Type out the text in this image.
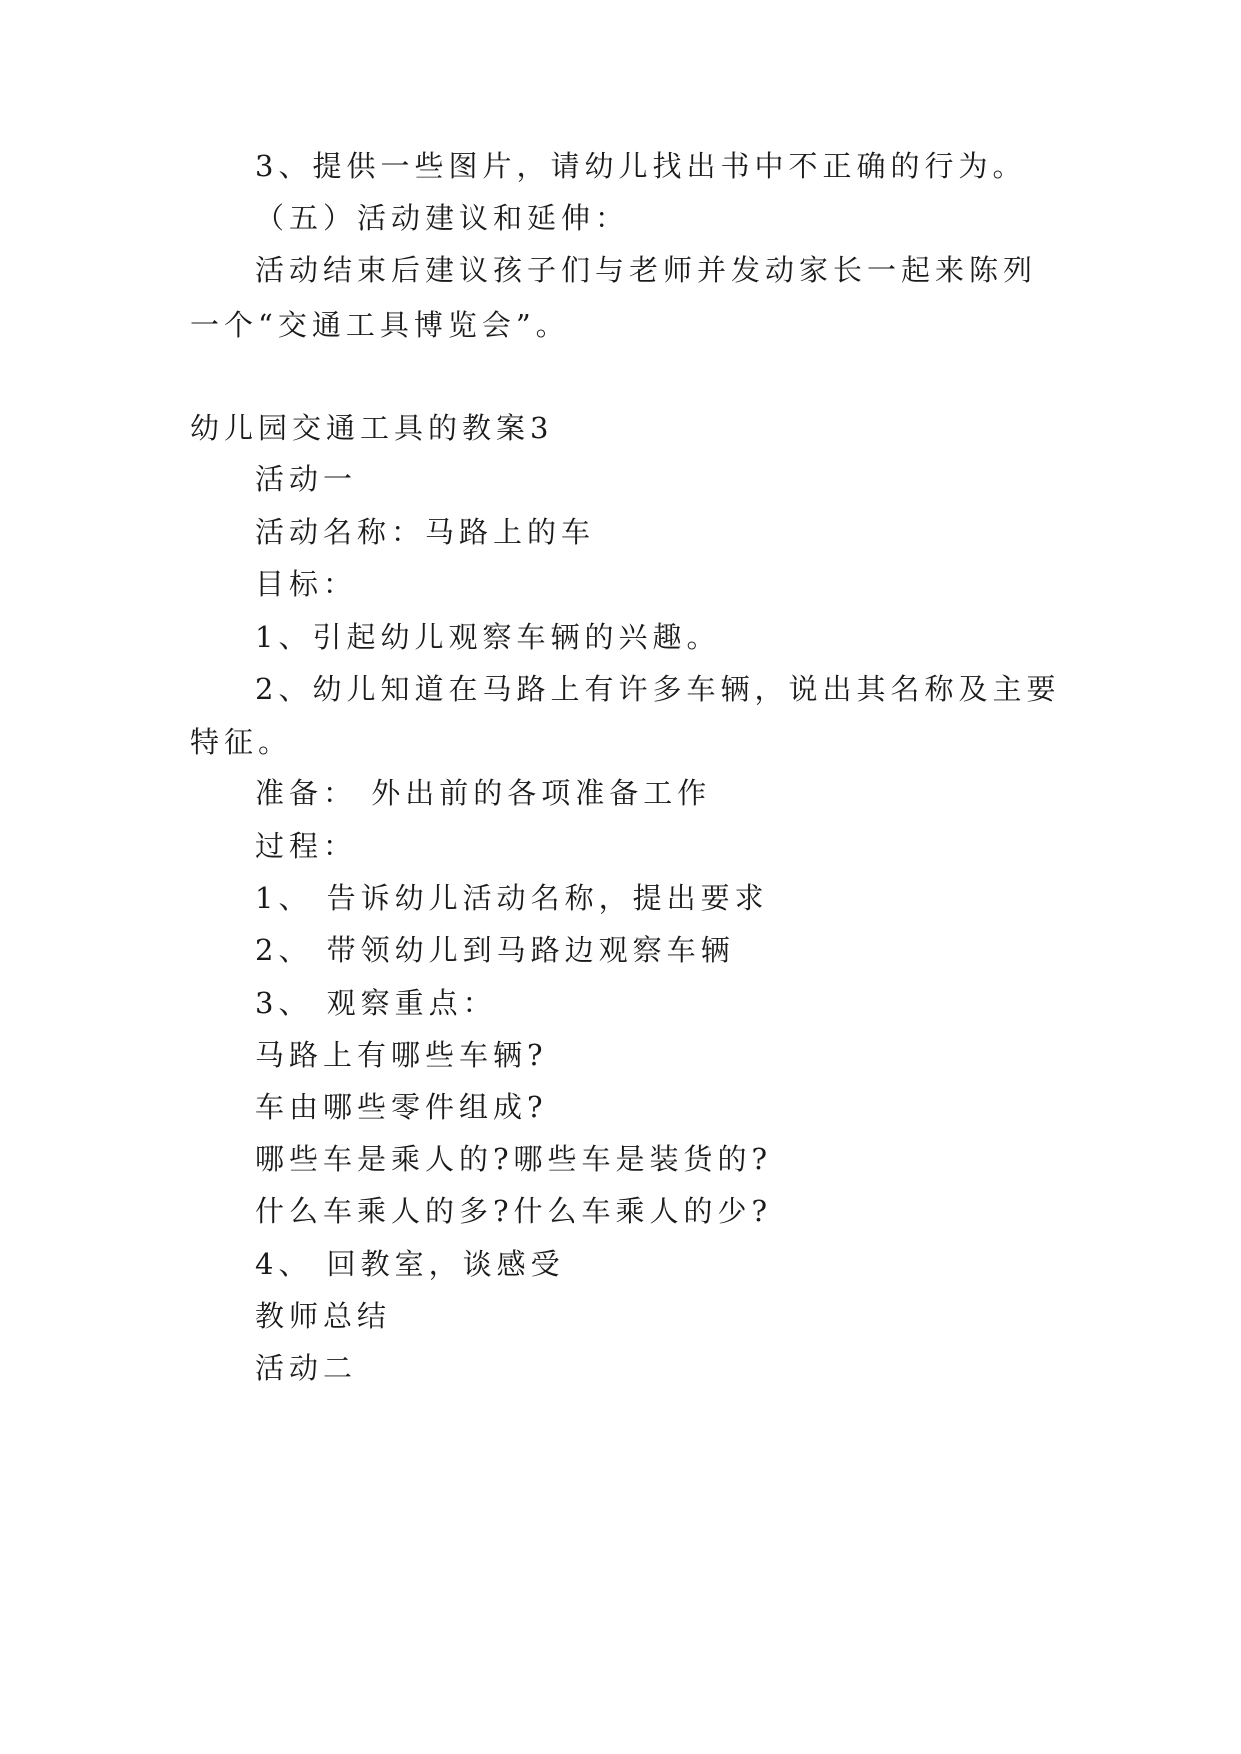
3、提供一些图片，请幼儿找出书中不正确的行为。
（五）活动建议和延伸：
活动结束后建议孩子们与老师并发动家长一起来陈列
一个“交通工具博览会”。
幼儿园交通工具的教案3
活动一
活动名称：马路上的车
目标：
1、引起幼儿观察车辆的兴趣。
2、幼儿知道在马路上有许多车辆，说出其名称及主要
特征。
准备： 外出前的各项准备工作
过程：
1、 告诉幼儿活动名称，提出要求
2、 带领幼儿到马路边观察车辆
3、 观察重点：
马路上有哪些车辆?
车由哪些零件组成?
哪些车是乘人的?哪些车是装货的?
什么车乘人的多?什么车乘人的少?
4、 回教室，谈感受
教师总结
活动二
